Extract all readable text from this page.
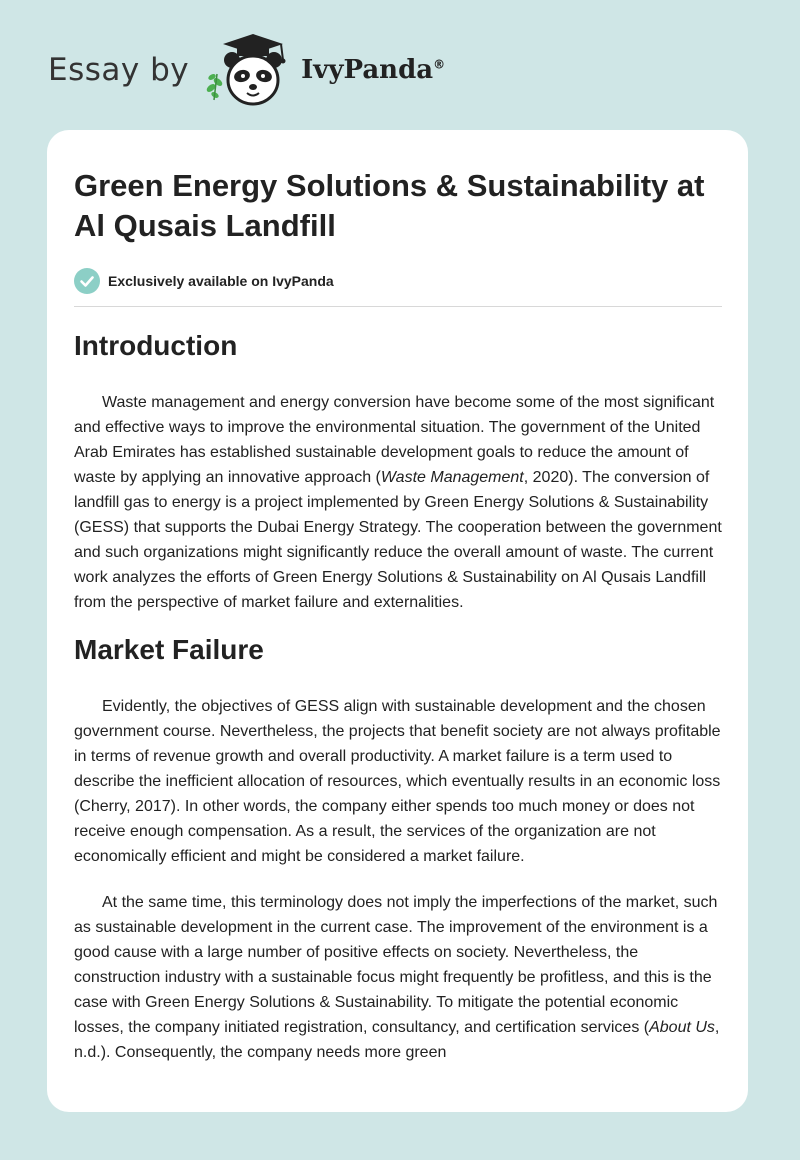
Essay by	IvyPanda®
Green Energy Solutions & Sustainability at Al Qusais Landfill
Exclusively available on IvyPanda
Introduction

Waste management and energy conversion have become some of the most significant and effective ways to improve the environmental situation. The government of the United Arab Emirates has established sustainable development goals to reduce the amount of waste by applying an innovative approach (Waste Management, 2020). The conversion of landfill gas to energy is a project implemented by Green Energy Solutions & Sustainability (GESS) that supports the Dubai Energy Strategy. The cooperation between the government and such organizations might significantly reduce the overall amount of waste. The current work analyzes the efforts of Green Energy Solutions & Sustainability on Al Qusais Landfill from the perspective of market failure and externalities.

Market Failure

Evidently, the objectives of GESS align with sustainable development and the chosen government course. Nevertheless, the projects that benefit society are not always profitable in terms of revenue growth and overall productivity. A market failure is a term used to describe the inefficient allocation of resources, which eventually results in an economic loss (Cherry, 2017). In other words, the company either spends too much money or does not receive enough compensation. As a result, the services of the organization are not economically efficient and might be considered a market failure.

At the same time, this terminology does not imply the imperfections of the market, such as sustainable development in the current case. The improvement of the environment is a good cause with a large number of positive effects on society. Nevertheless, the construction industry with a sustainable focus might frequently be profitless, and this is the case with Green Energy Solutions & Sustainability. To mitigate the potential economic losses, the company initiated registration, consultancy, and certification services (About Us, n.d.). Consequently, the company needs more green
